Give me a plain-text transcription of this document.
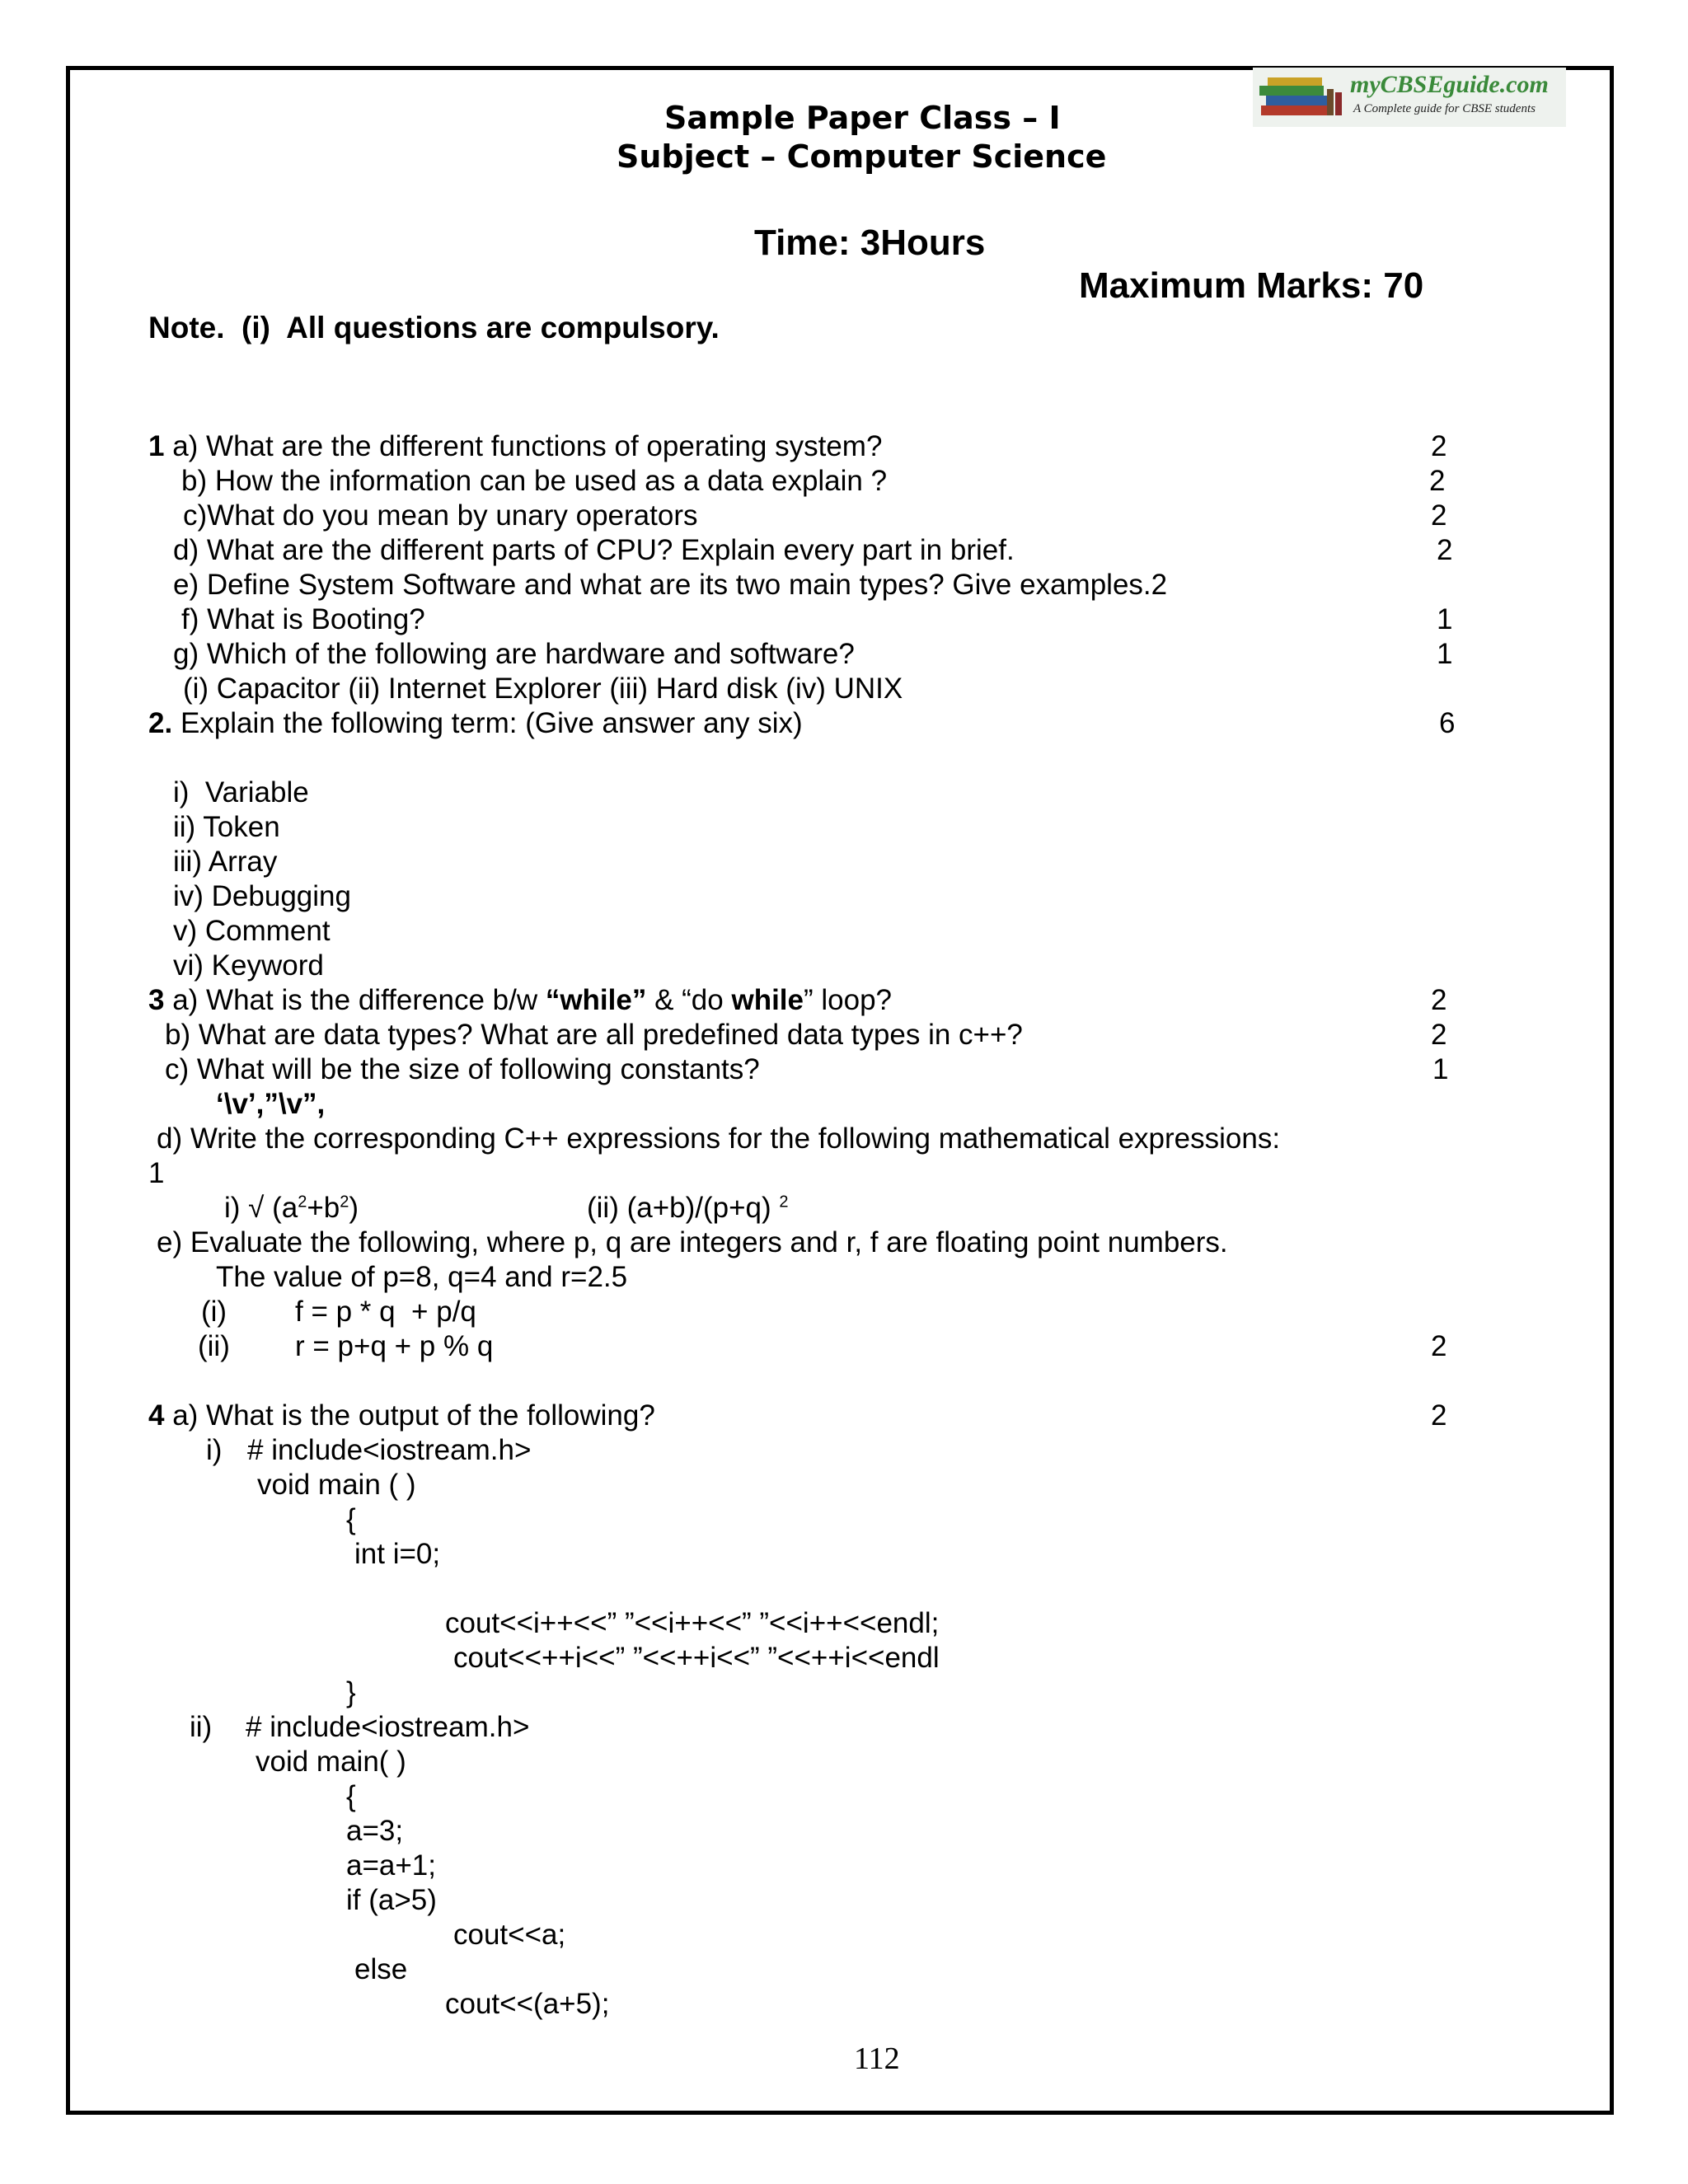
myCBSEguide.com
A Complete guide for CBSE students
Sample Paper Class – I
Subject – Computer Science
Time: 3Hours
Maximum Marks: 70
Note.  (i)  All questions are compulsory.
1 a) What are the different functions of operating system?	2
b) How the information can be used as a data explain ?	2
c)What do you mean by unary operators	2
d) What are the different parts of CPU? Explain every part in brief.	2
e) Define System Software and what are its two main types? Give examples.2
f) What is Booting?	1
g) Which of the following are hardware and software?	1
(i) Capacitor (ii) Internet Explorer (iii) Hard disk (iv) UNIX
2. Explain the following term: (Give answer any six)	6
i)  Variable
ii) Token
iii) Array
iv) Debugging
v) Comment
vi) Keyword
3 a) What is the difference b/w “while” & “do while” loop?	2
b) What are data types? What are all predefined data types in c++?	2
c) What will be the size of following constants?	1
‘\v’,”\v”,
d) Write the corresponding C++ expressions for the following mathematical expressions:
1
i) √ $(a^2+b^2)$	(ii) (a+b)/(p+q) $^2$
e) Evaluate the following, where p, q are integers and r, f are floating point numbers.
The value of p=8, q=4 and r=2.5
(i) f = p * q  + p/q
(ii) r = p+q + p % q	2
4 a) What is the output of the following?	2
i) # include<iostream.h>
void main ( )
{
int i=0;
cout<<i++<<” ”<<i++<<” ”<<i++<<endl;
cout<<++i<<” ”<<++i<<” ”<<++i<<endl
}
ii) # include<iostream.h>
void main( )
{
a=3;
a=a+1;
if (a>5)
cout<<a;
else
cout<<(a+5);
112
